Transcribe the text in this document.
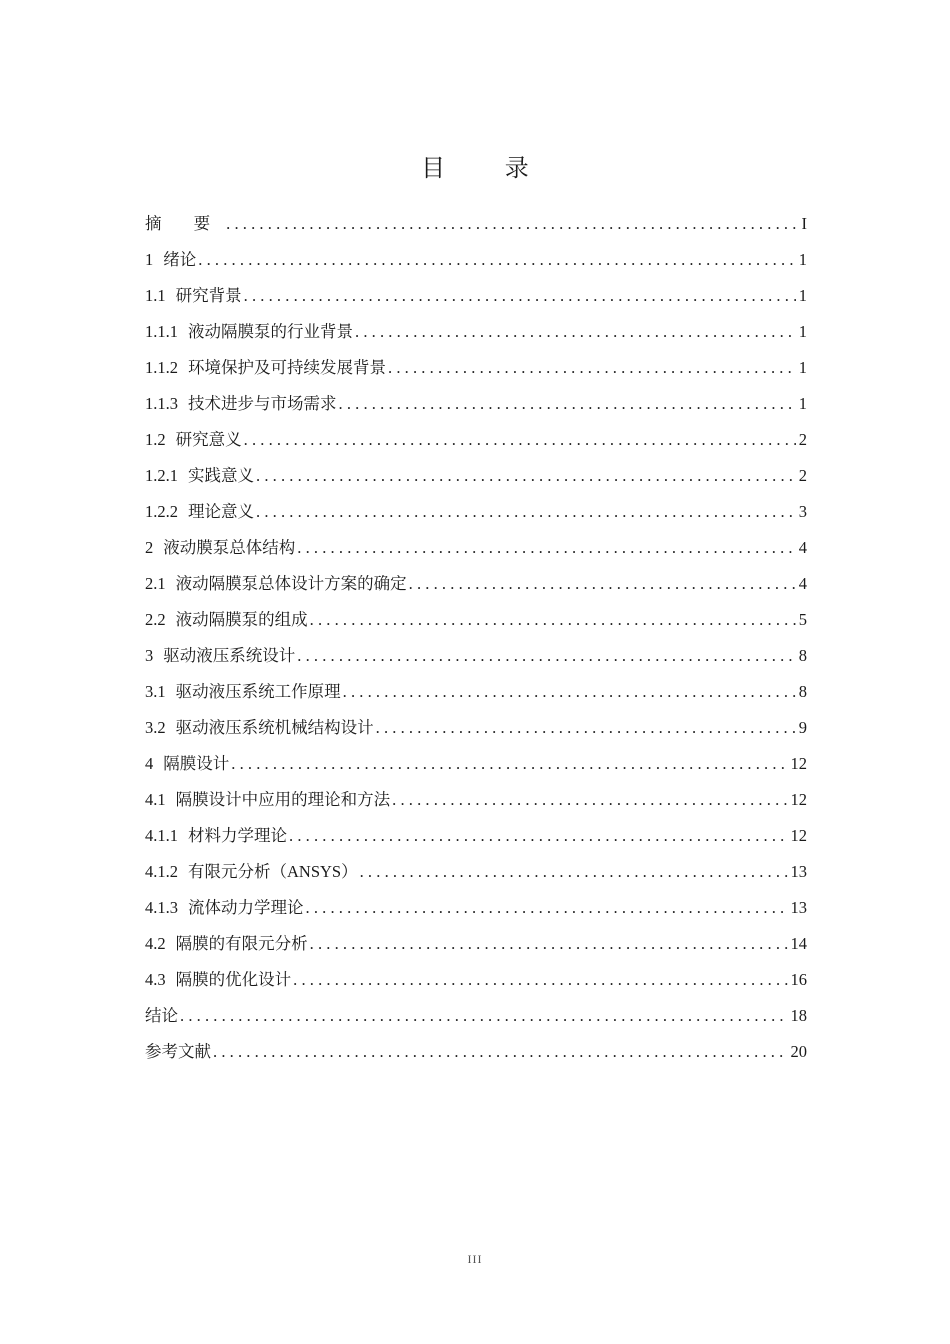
目 录
摘 要 .....	I
1 绪论 .....	1
1.1 研究背景 .....	1
1.1.1 液动隔膜泵的行业背景 .....	1
1.1.2 环境保护及可持续发展背景 .....	1
1.1.3 技术进步与市场需求 .....	1
1.2 研究意义 .....	2
1.2.1 实践意义 .....	2
1.2.2 理论意义 .....	3
2 液动膜泵总体结构 .....	4
2.1 液动隔膜泵总体设计方案的确定 .....	4
2.2 液动隔膜泵的组成 .....	5
3 驱动液压系统设计 .....	8
3.1 驱动液压系统工作原理 .....	8
3.2 驱动液压系统机械结构设计 .....	9
4 隔膜设计 .....	12
4.1 隔膜设计中应用的理论和方法 .....	12
4.1.1 材料力学理论 .....	12
4.1.2 有限元分析（ANSYS） .....	13
4.1.3 流体动力学理论 .....	13
4.2 隔膜的有限元分析 .....	14
4.3 隔膜的优化设计 .....	16
结论 .....	18
参考文献 .....	20
III
